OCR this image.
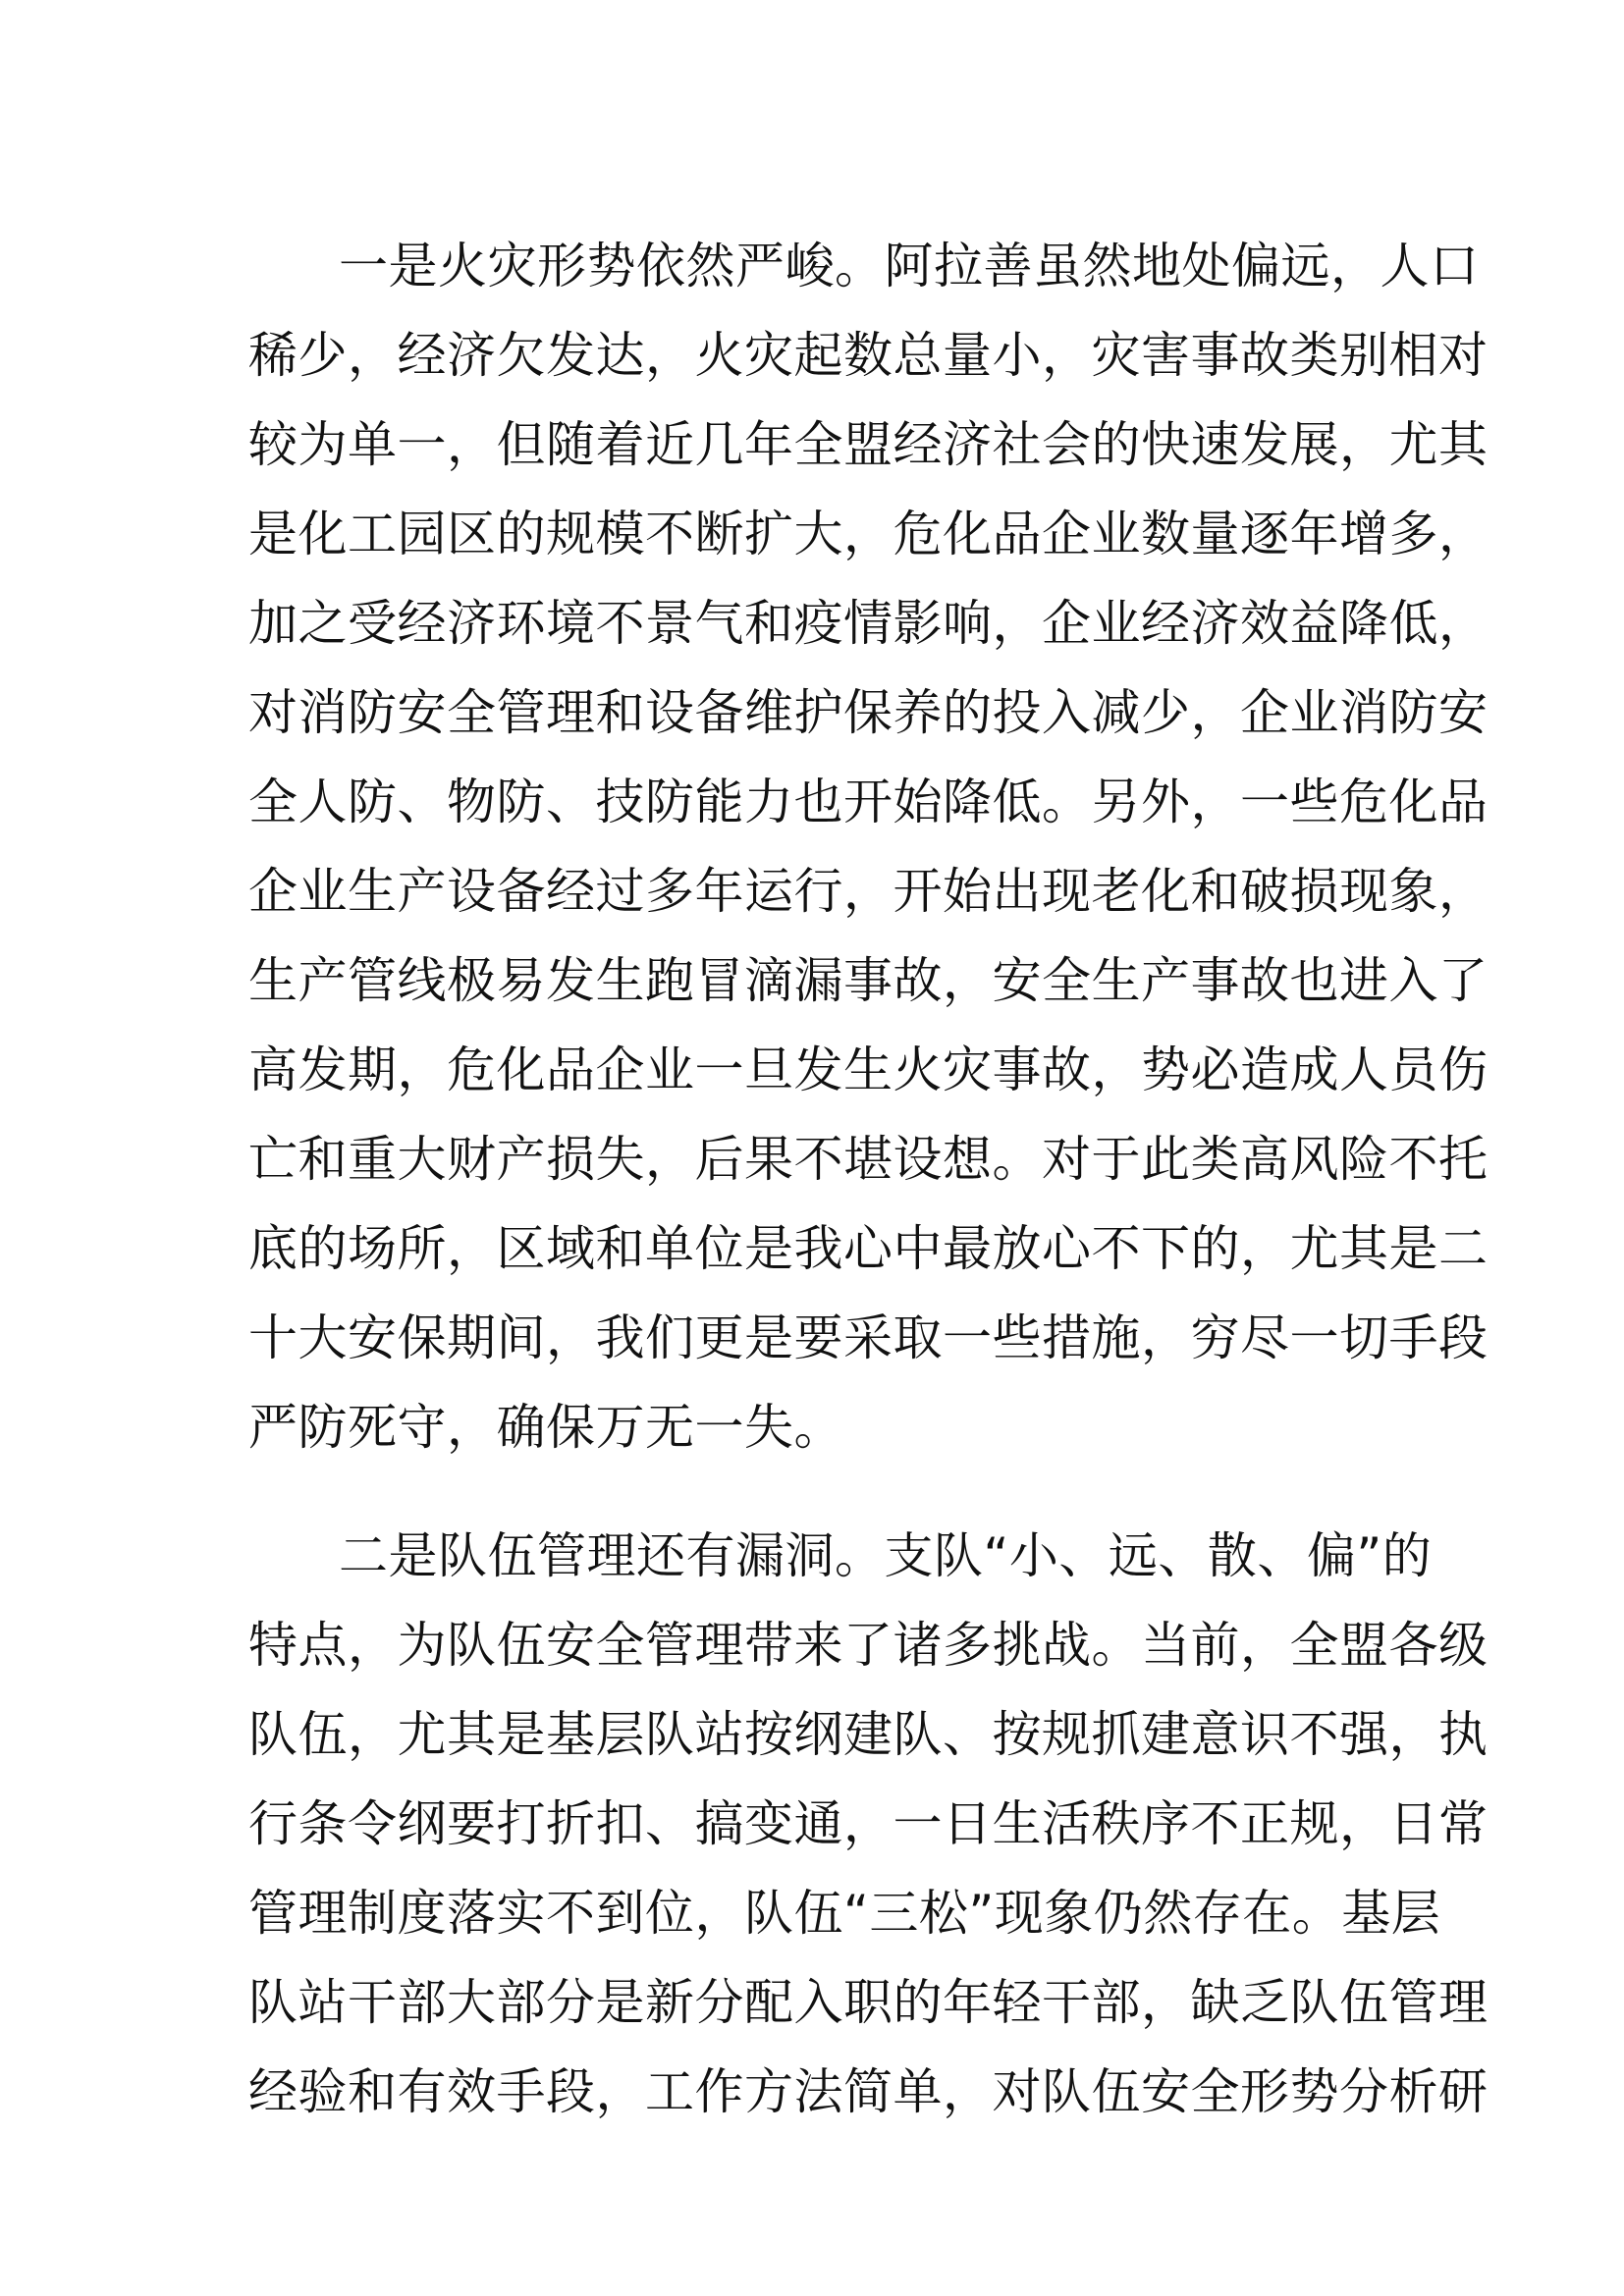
一是火灾形势依然严峻。阿拉善虽然地处偏远，人口
稀少，经济欠发达，火灾起数总量小，灾害事故类别相对
较为单一，但随着近几年全盟经济社会的快速发展，尤其
是化工园区的规模不断扩大，危化品企业数量逐年增多，
加之受经济环境不景气和疫情影响，企业经济效益降低，
对消防安全管理和设备维护保养的投入减少，企业消防安
全人防、物防、技防能力也开始降低。另外，一些危化品
企业生产设备经过多年运行，开始出现老化和破损现象，
生产管线极易发生跑冒滴漏事故，安全生产事故也进入了
高发期，危化品企业一旦发生火灾事故，势必造成人员伤
亡和重大财产损失，后果不堪设想。对于此类高风险不托
底的场所，区域和单位是我心中最放心不下的，尤其是二
十大安保期间，我们更是要采取一些措施，穷尽一切手段
严防死守，确保万无一失。
二是队伍管理还有漏洞。支队“小、远、散、偏”的
特点，为队伍安全管理带来了诸多挑战。当前，全盟各级
队伍，尤其是基层队站按纲建队、按规抓建意识不强，执
行条令纲要打折扣、搞变通，一日生活秩序不正规，日常
管理制度落实不到位，队伍“三松”现象仍然存在。基层
队站干部大部分是新分配入职的年轻干部，缺乏队伍管理
经验和有效手段，工作方法简单，对队伍安全形势分析研
